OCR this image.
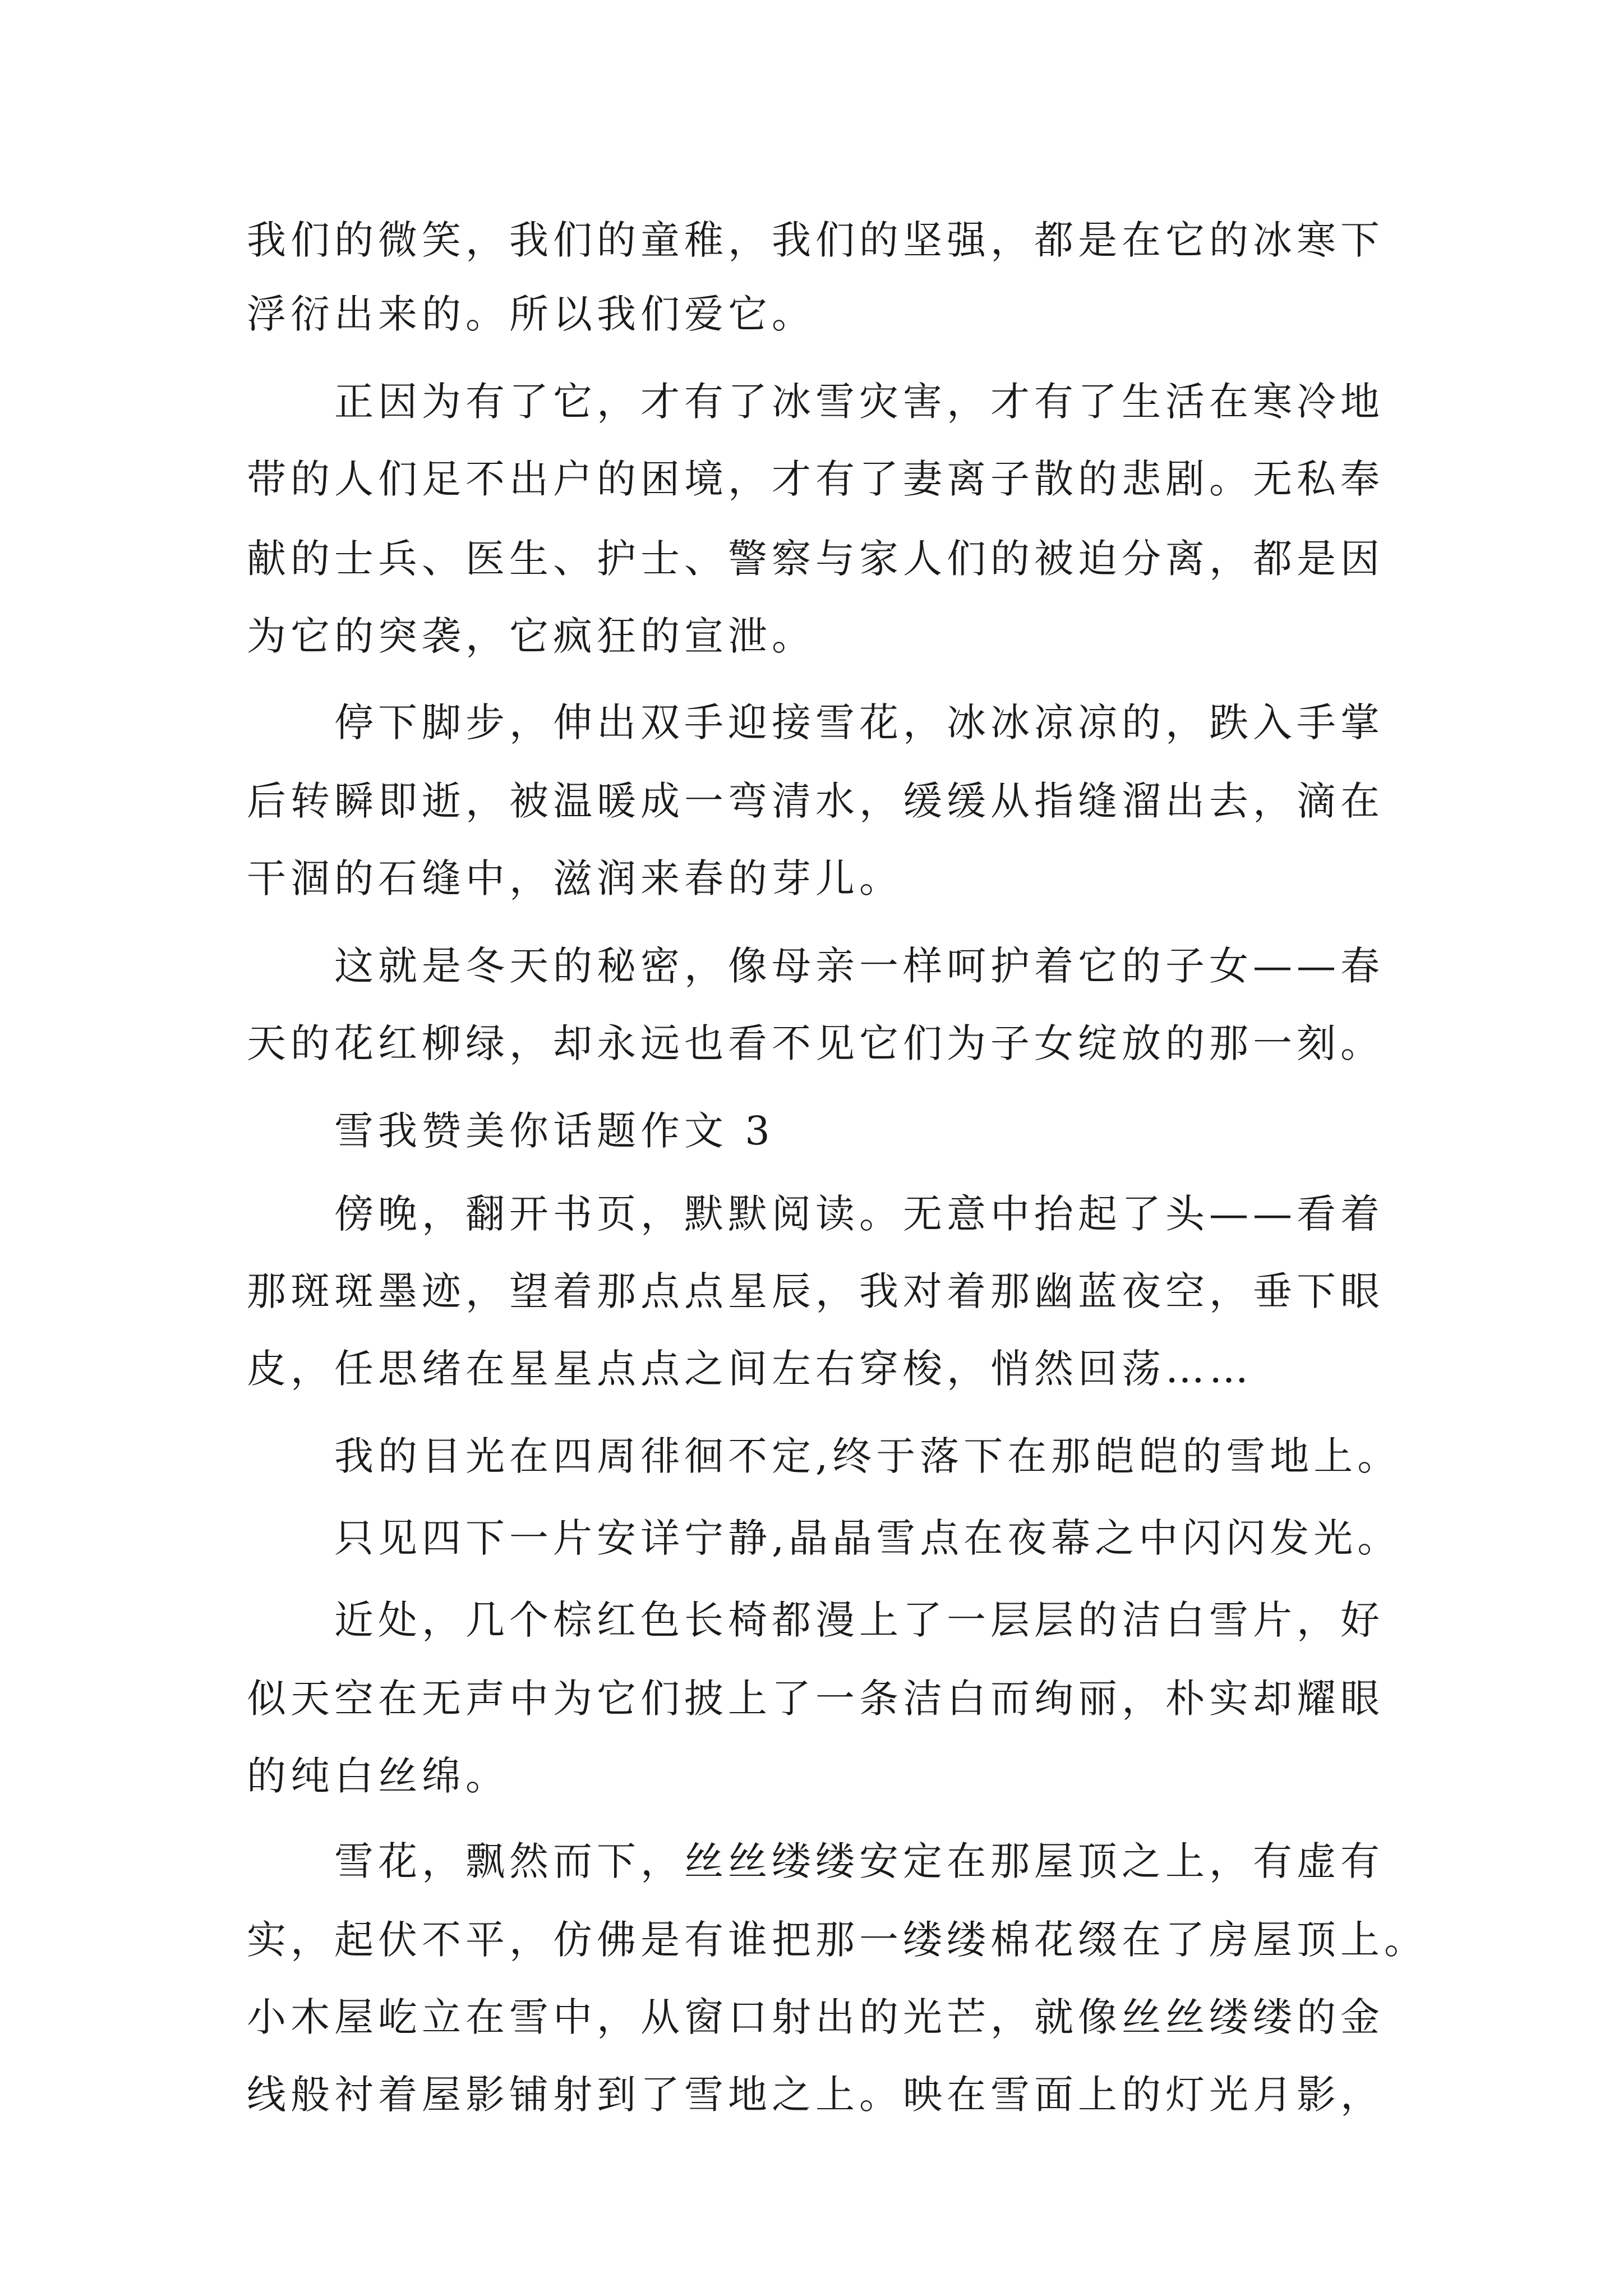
我们的微笑，我们的童稚，我们的坚强，都是在它的冰寒下
浮衍出来的。所以我们爱它。
正因为有了它，才有了冰雪灾害，才有了生活在寒冷地
带的人们足不出户的困境，才有了妻离子散的悲剧。无私奉
献的士兵、医生、护士、警察与家人们的被迫分离，都是因
为它的突袭，它疯狂的宣泄。
停下脚步，伸出双手迎接雪花，冰冰凉凉的，跌入手掌
后转瞬即逝，被温暖成一弯清水，缓缓从指缝溜出去，滴在
干涸的石缝中，滋润来春的芽儿。
这就是冬天的秘密，像母亲一样呵护着它的子女——春
天的花红柳绿，却永远也看不见它们为子女绽放的那一刻。
雪我赞美你话题作文 3
傍晚，翻开书页，默默阅读。无意中抬起了头——看着
那斑斑墨迹，望着那点点星辰，我对着那幽蓝夜空，垂下眼
皮，任思绪在星星点点之间左右穿梭，悄然回荡……
我的目光在四周徘徊不定,终于落下在那皑皑的雪地上。
只见四下一片安详宁静,晶晶雪点在夜幕之中闪闪发光。
近处，几个棕红色长椅都漫上了一层层的洁白雪片，好
似天空在无声中为它们披上了一条洁白而绚丽，朴实却耀眼
的纯白丝绵。
雪花，飘然而下，丝丝缕缕安定在那屋顶之上，有虚有
实，起伏不平，仿佛是有谁把那一缕缕棉花缀在了房屋顶上。
小木屋屹立在雪中，从窗口射出的光芒，就像丝丝缕缕的金
线般衬着屋影铺射到了雪地之上。映在雪面上的灯光月影，
